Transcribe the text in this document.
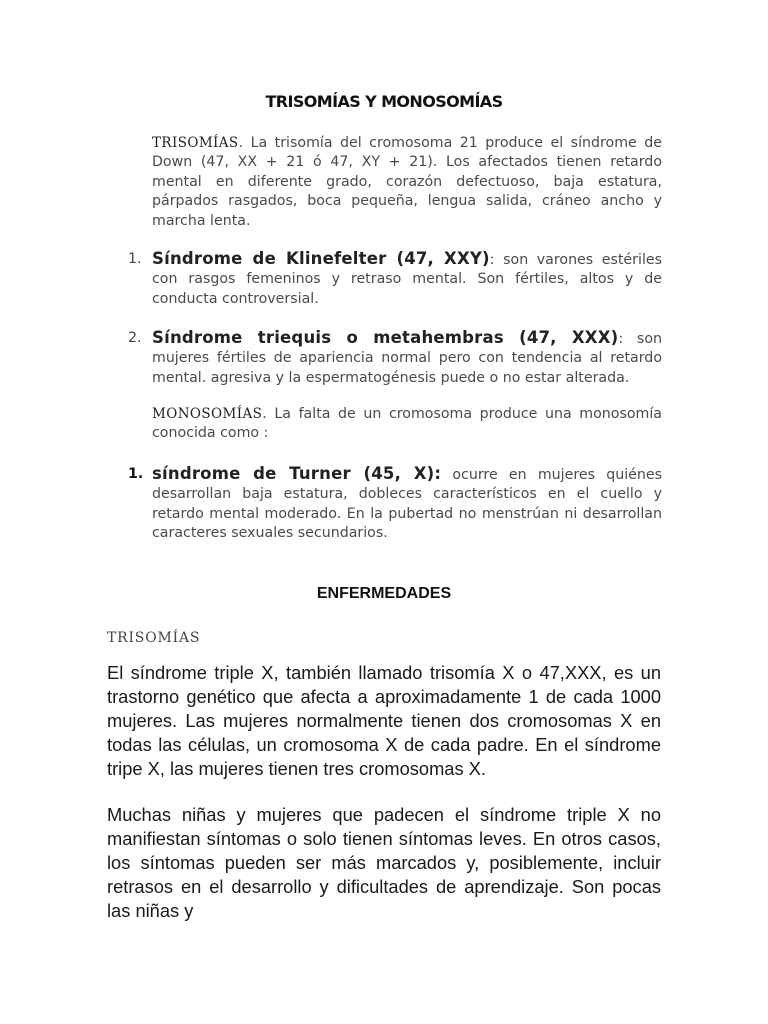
TRISOMÍAS Y MONOSOMÍAS
TRISOMÍAS. La trisomía del cromosoma 21 produce el síndrome de Down (47, XX + 21 ó 47, XY + 21). Los afectados tienen retardo mental en diferente grado, corazón defectuoso, baja estatura, párpados rasgados, boca pequeña, lengua salida, cráneo ancho y marcha lenta.
1. Síndrome de Klinefelter (47, XXY): son varones estériles con rasgos femeninos y retraso mental. Son fértiles, altos y de conducta controversial.
2. Síndrome triequis o metahembras (47, XXX): son mujeres fértiles de apariencia normal pero con tendencia al retardo mental. agresiva y la espermatogénesis puede o no estar alterada.
MONOSOMÍAS. La falta de un cromosoma produce una monosomía conocida como :
1. síndrome de Turner (45, X): ocurre en mujeres quiénes desarrollan baja estatura, dobleces característicos en el cuello y retardo mental moderado. En la pubertad no menstrúan ni desarrollan caracteres sexuales secundarios.
ENFERMEDADES
TRISOMÍAS
El síndrome triple X, también llamado trisomía X o 47,XXX, es un trastorno genético que afecta a aproximadamente 1 de cada 1000 mujeres. Las mujeres normalmente tienen dos cromosomas X en todas las células, un cromosoma X de cada padre. En el síndrome tripe X, las mujeres tienen tres cromosomas X.
Muchas niñas y mujeres que padecen el síndrome triple X no manifiestan síntomas o solo tienen síntomas leves. En otros casos, los síntomas pueden ser más marcados y, posiblemente, incluir retrasos en el desarrollo y dificultades de aprendizaje. Son pocas las niñas y
